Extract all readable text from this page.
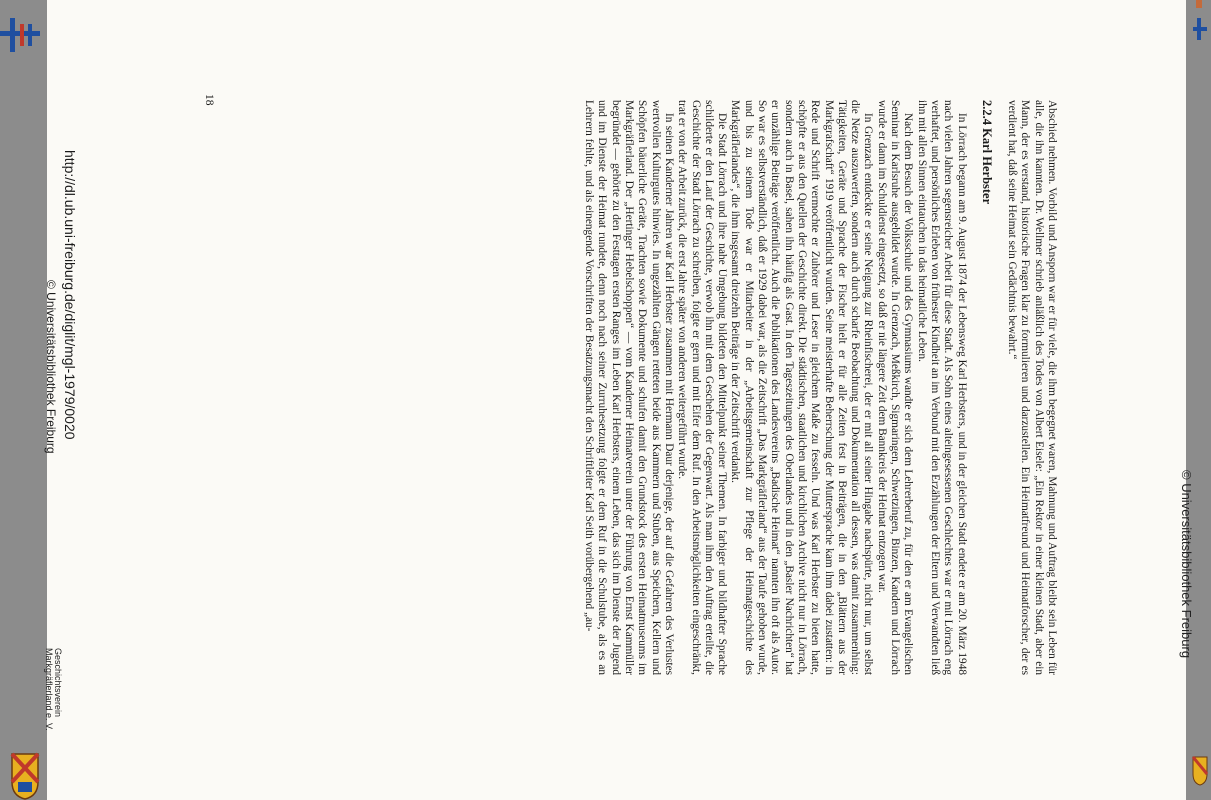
© Universitätsbibliothek Freiburg

Abschied nehmen. Vorbild und Ansporn war er für viele, die ihm begegnet waren, Mahnung und Auftrag bleibt sein Leben für alle, die ihn kannten. Dr. Wellmer schrieb anläßlich des Todes von Albert Eisele: „Ein Rektor in einer kleinen Stadt, aber ein Mann, der es verstand, historische Fragen klar zu formulieren und darzustellen. Ein Heimatfreund und Heimatforscher, der es verdient hat, daß seine Heimat sein Gedächtnis bewahrt.“

2.2.4 Karl Herbster

In Lörrach begann am 9. August 1874 der Lebensweg Karl Herbsters, und in der gleichen Stadt endete er am 20. März 1948 nach vielen Jahren segensreicher Arbeit für diese Stadt. Als Sohn eines alteingesessenen Geschlechtes war er mit Lörrach eng verhaftet, und persönliches Erleben von frühester Kindheit an im Verbund mit den Erzählungen der Eltern und Verwandten ließ ihn mit allen Sinnen eintauchen in das heimatliche Leben.

Nach dem Besuch der Volksschule und des Gymnasiums wandte er sich dem Lehrerberuf zu, für den er am Evangelischen Seminar in Karlsruhe ausgebildet wurde. In Grenzach, Meßkirch, Sigmaringen, Schwetzingen, Binzen, Kandern und Lörrach wurde er dann im Schuldienst eingesetzt, so daß er nie längere Zeit dem Bannkreis der Heimat entzogen war.

In Grenzach entdeckte er seine Neigung zur Rheinfischerei, der er mit all seiner Hingabe nachspürte, nicht nur, um selbst die Netze auszuwerfen, sondern auch durch scharfe Beobachtung und Dokumentation all dessen, was damit zusammenhing: Tätigkeiten, Geräte und Sprache der Fischer hielt er für alle Zeiten fest in Beiträgen, die in den „Blättern aus der Markgrafschaft“ 1919 veröffentlicht wurden. Seine meisterhafte Beherrschung der Muttersprache kam ihm dabei zustatten: in Rede und Schrift vermochte er Zuhörer und Leser in gleichem Maße zu fesseln. Und was Karl Herbster zu bieten hatte, schöpfte er aus den Quellen der Geschichte direkt. Die städtischen, staatlichen und kirchlichen Archive nicht nur in Lörrach, sondern auch in Basel, sahen ihn häufig als Gast. In den Tageszeitungen des Oberlandes und in den „Basler Nachrichten“ hat er unzählige Beiträge veröffentlicht. Auch die Publikationen des Landesvereins „Badische Heimat“ nannten ihn oft als Autor. So war es selbstverständlich, daß er 1929 dabei war, als die Zeitschrift „Das Markgräflerland“ aus der Taufe gehoben wurde, und bis zu seinem Tode war er Mitarbeiter in der „Arbeitsgemeinschaft zur Pflege der Heimatgeschichte des Markgräflerlandes“, die ihm insgesamt dreizehn Beiträge in der Zeitschrift verdankt.

Die Stadt Lörrach und ihre nahe Umgebung bildeten den Mittelpunkt seiner Themen. In farbiger und bildhafter Sprache schilderte er den Lauf der Geschichte, verwob ihn mit dem Geschehen der Gegenwart. Als man ihm den Auftrag erteilte, die Geschichte der Stadt Lörrach zu schreiben, folgte er gern und mit Eifer dem Ruf. In den Arbeitsmöglichkeiten eingeschränkt, trat er von der Arbeit zurück, die erst Jahre später von anderen weitergeführt wurde.

In seinen Kanderner Jahren war Karl Herbster zusammen mit Hermann Daur derjenige, der auf die Gefahren des Verlustes wertvollen Kulturgutes hinwies. In ungezählten Gängen retteten beide aus Kammern und Stuben, aus Speichern, Kellern und Schöpfen bäuerliche Geräte, Trachten sowie Dokumente und schufen damit den Grundstock des ersten Heimatmuseums im Markgräflerland. Der „Hertinger Hebelschoppen“ — vom Kanderner Heimatverein unter der Führung von Ernst Kammüller begründet — gehörte zu den Festtagen ersten Ranges im Leben Karl Herbsters, einem Leben, das sich im Dienste der Jugend und im Dienste der Heimat rundete, denn noch nach seiner Zurruhesetzung folgte er dem Ruf in die Schulstube, als es an Lehrern fehlte, und als einengende Vorschriften der Besatzungsmacht den Schriftleiter Karl Seith vorübergehend „au-

18
http://dl.ub.uni-freiburg.de/diglit/mgl-1979/0020
© Universitätsbibliothek Freiburg
Geschichtsverein
Markgräflerland e. V.
